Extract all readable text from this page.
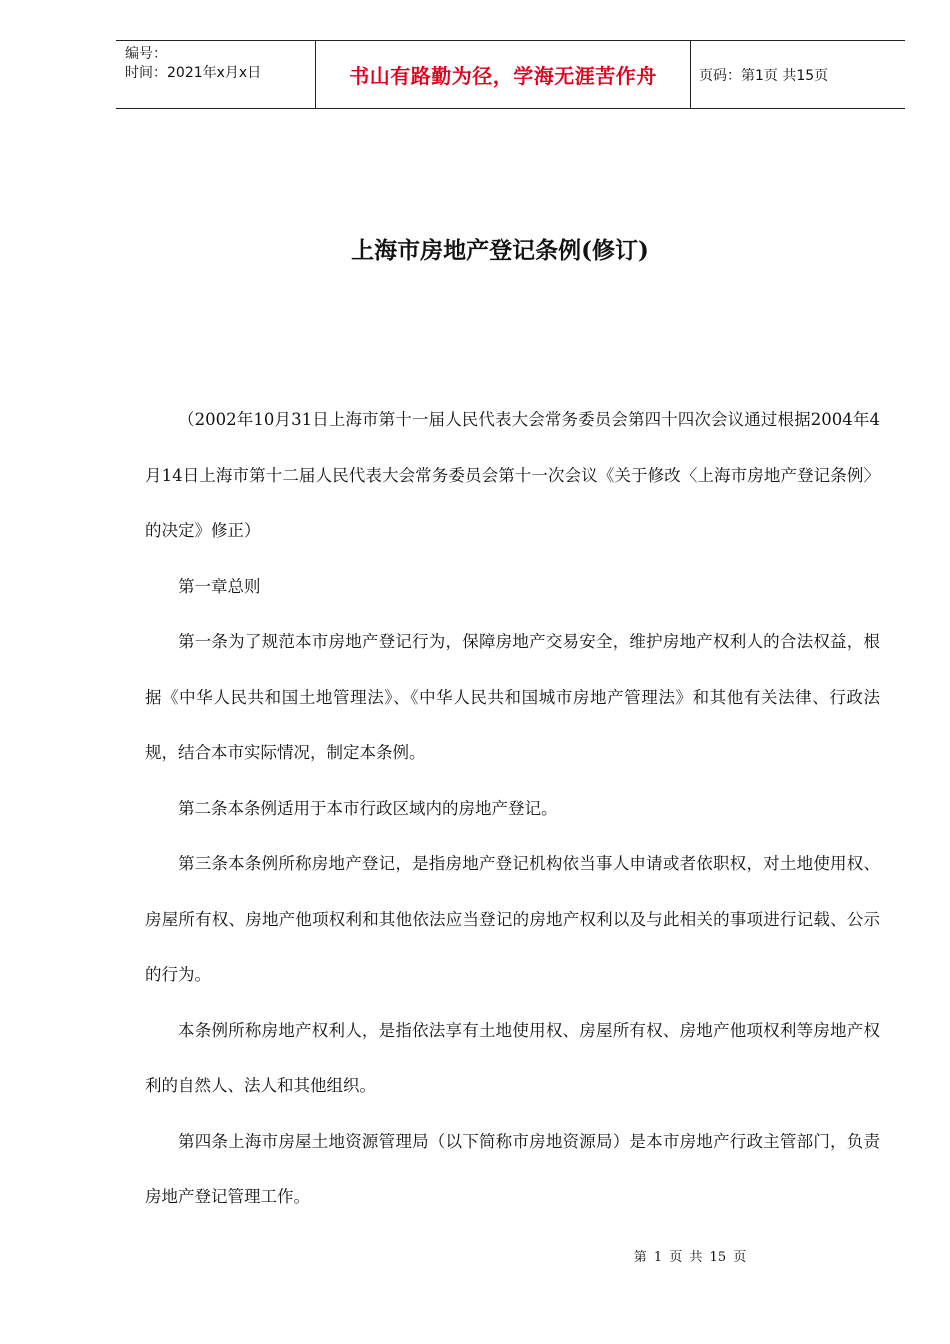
编号：
时间：2021年x月x日	书山有路勤为径，学海无涯苦作舟	页码：第1页 共15页
上海市房地产登记条例(修订)

（2002年10月31日上海市第十一届人民代表大会常务委员会第四十四次会议通过根据2004年4月14日上海市第十二届人民代表大会常务委员会第十一次会议《关于修改〈上海市房地产登记条例〉的决定》修正）

第一章总则

第一条为了规范本市房地产登记行为，保障房地产交易安全，维护房地产权利人的合法权益，根据《中华人民共和国土地管理法》、《中华人民共和国城市房地产管理法》和其他有关法律、行政法规，结合本市实际情况，制定本条例。

第二条本条例适用于本市行政区域内的房地产登记。

第三条本条例所称房地产登记，是指房地产登记机构依当事人申请或者依职权，对土地使用权、房屋所有权、房地产他项权利和其他依法应当登记的房地产权利以及与此相关的事项进行记载、公示的行为。

本条例所称房地产权利人，是指依法享有土地使用权、房屋所有权、房地产他项权利等房地产权利的自然人、法人和其他组织。

第四条上海市房屋土地资源管理局（以下简称市房地资源局）是本市房地产行政主管部门，负责房地产登记管理工作。

第 1 页 共 15 页
